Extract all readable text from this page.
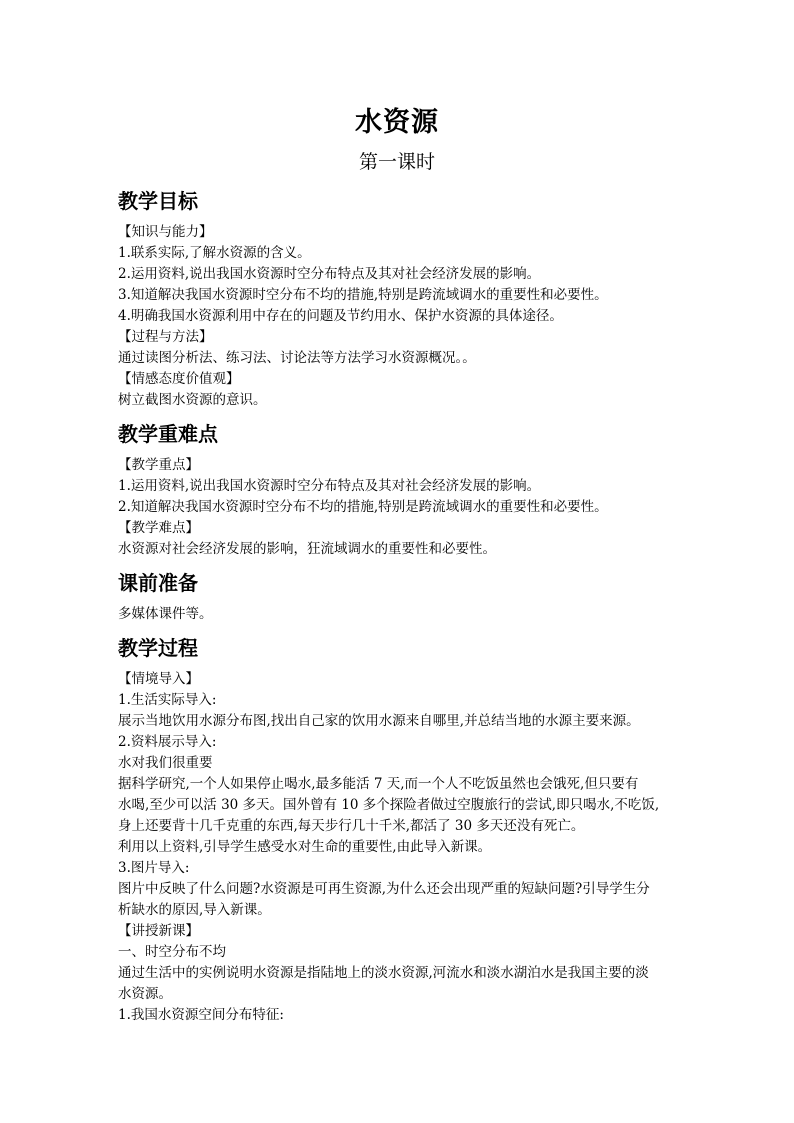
水资源
第一课时
教学目标

【知识与能力】

1.联系实际,了解水资源的含义。

2.运用资料,说出我国水资源时空分布特点及其对社会经济发展的影响。

3.知道解决我国水资源时空分布不均的措施,特别是跨流域调水的重要性和必要性。

4.明确我国水资源利用中存在的问题及节约用水、保护水资源的具体途径。

【过程与方法】

通过读图分析法、练习法、讨论法等方法学习水资源概况。。

【情感态度价值观】

树立截图水资源的意识。

教学重难点

【教学重点】

1.运用资料,说出我国水资源时空分布特点及其对社会经济发展的影响。

2.知道解决我国水资源时空分布不均的措施,特别是跨流域调水的重要性和必要性。

【教学难点】

水资源对社会经济发展的影响，狂流域调水的重要性和必要性。

课前准备

多媒体课件等。

教学过程

【情境导入】

1.生活实际导入:

展示当地饮用水源分布图,找出自己家的饮用水源来自哪里,并总结当地的水源主要来源。

2.资料展示导入:

水对我们很重要

据科学研究,一个人如果停止喝水,最多能活 7 天,而一个人不吃饭虽然也会饿死,但只要有

水喝,至少可以活 30 多天。国外曾有 10 多个探险者做过空腹旅行的尝试,即只喝水,不吃饭,

身上还要背十几千克重的东西,每天步行几十千米,都活了 30 多天还没有死亡。

利用以上资料,引导学生感受水对生命的重要性,由此导入新课。

3.图片导入:

图片中反映了什么问题?水资源是可再生资源,为什么还会出现严重的短缺问题?引导学生分

析缺水的原因,导入新课。

【讲授新课】

一、时空分布不均

通过生活中的实例说明水资源是指陆地上的淡水资源,河流水和淡水湖泊水是我国主要的淡

水资源。

1.我国水资源空间分布特征:
